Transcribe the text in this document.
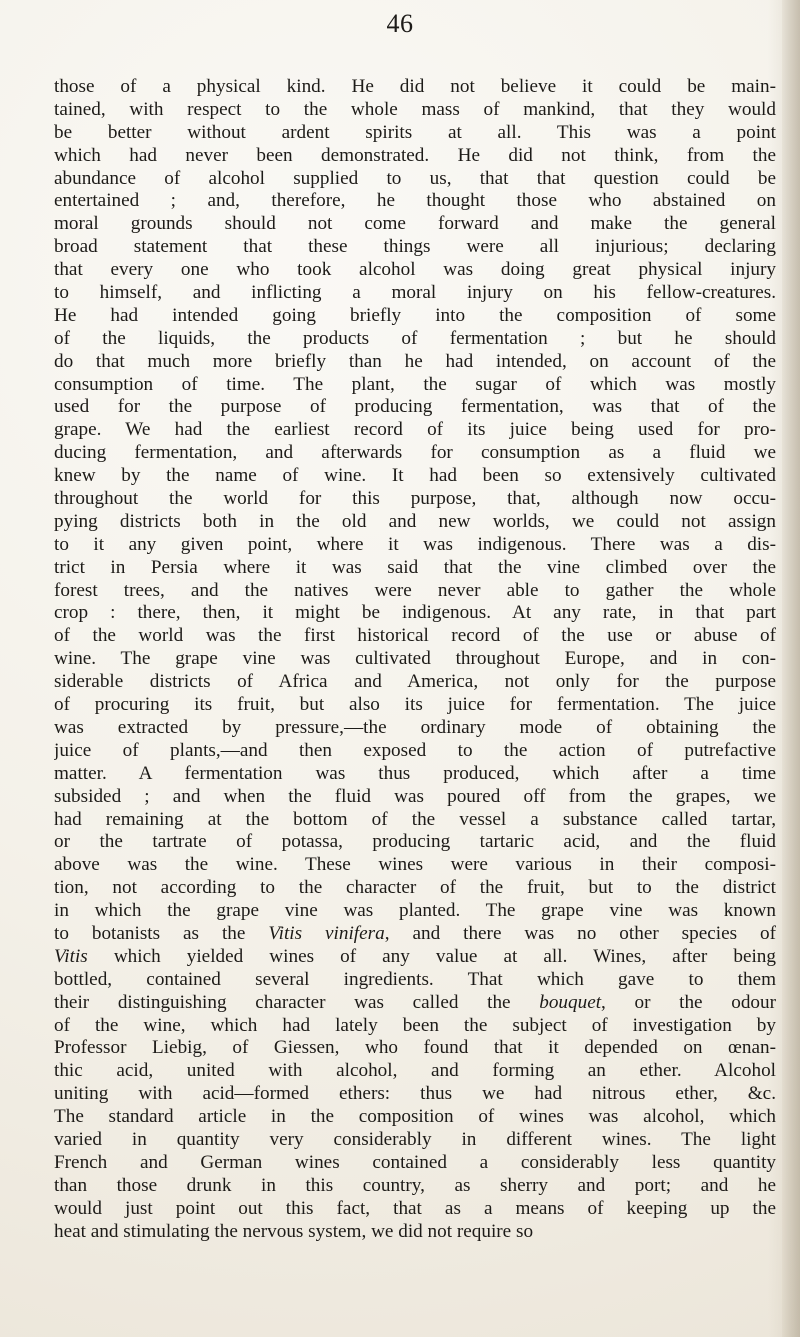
46
those of a physical kind. He did not believe it could be main-
tained, with respect to the whole mass of mankind, that they would
be better without ardent spirits at all. This was a point
which had never been demonstrated. He did not think, from the
abundance of alcohol supplied to us, that that question could be
entertained ; and, therefore, he thought those who abstained on
moral grounds should not come forward and make the general
broad statement that these things were all injurious; declaring
that every one who took alcohol was doing great physical injury
to himself, and inflicting a moral injury on his fellow-creatures.
He had intended going briefly into the composition of some
of the liquids, the products of fermentation ; but he should
do that much more briefly than he had intended, on account of the
consumption of time. The plant, the sugar of which was mostly
used for the purpose of producing fermentation, was that of the
grape. We had the earliest record of its juice being used for pro-
ducing fermentation, and afterwards for consumption as a fluid we
knew by the name of wine. It had been so extensively cultivated
throughout the world for this purpose, that, although now occu-
pying districts both in the old and new worlds, we could not assign
to it any given point, where it was indigenous. There was a dis-
trict in Persia where it was said that the vine climbed over the
forest trees, and the natives were never able to gather the whole
crop : there, then, it might be indigenous. At any rate, in that part
of the world was the first historical record of the use or abuse of
wine. The grape vine was cultivated throughout Europe, and in con-
siderable districts of Africa and America, not only for the purpose
of procuring its fruit, but also its juice for fermentation. The juice
was extracted by pressure,—the ordinary mode of obtaining the
juice of plants,—and then exposed to the action of putrefactive
matter. A fermentation was thus produced, which after a time
subsided ; and when the fluid was poured off from the grapes, we
had remaining at the bottom of the vessel a substance called tartar,
or the tartrate of potassa, producing tartaric acid, and the fluid
above was the wine. These wines were various in their composi-
tion, not according to the character of the fruit, but to the district
in which the grape vine was planted. The grape vine was known
to botanists as the Vitis vinifera, and there was no other species of
Vitis which yielded wines of any value at all. Wines, after being
bottled, contained several ingredients. That which gave to them
their distinguishing character was called the bouquet, or the odour
of the wine, which had lately been the subject of investigation by
Professor Liebig, of Giessen, who found that it depended on œnan-
thic acid, united with alcohol, and forming an ether. Alcohol
uniting with acid—formed ethers: thus we had nitrous ether, &c.
The standard article in the composition of wines was alcohol, which
varied in quantity very considerably in different wines. The light
French and German wines contained a considerably less quantity
than those drunk in this country, as sherry and port; and he
would just point out this fact, that as a means of keeping up the
heat and stimulating the nervous system, we did not require so
